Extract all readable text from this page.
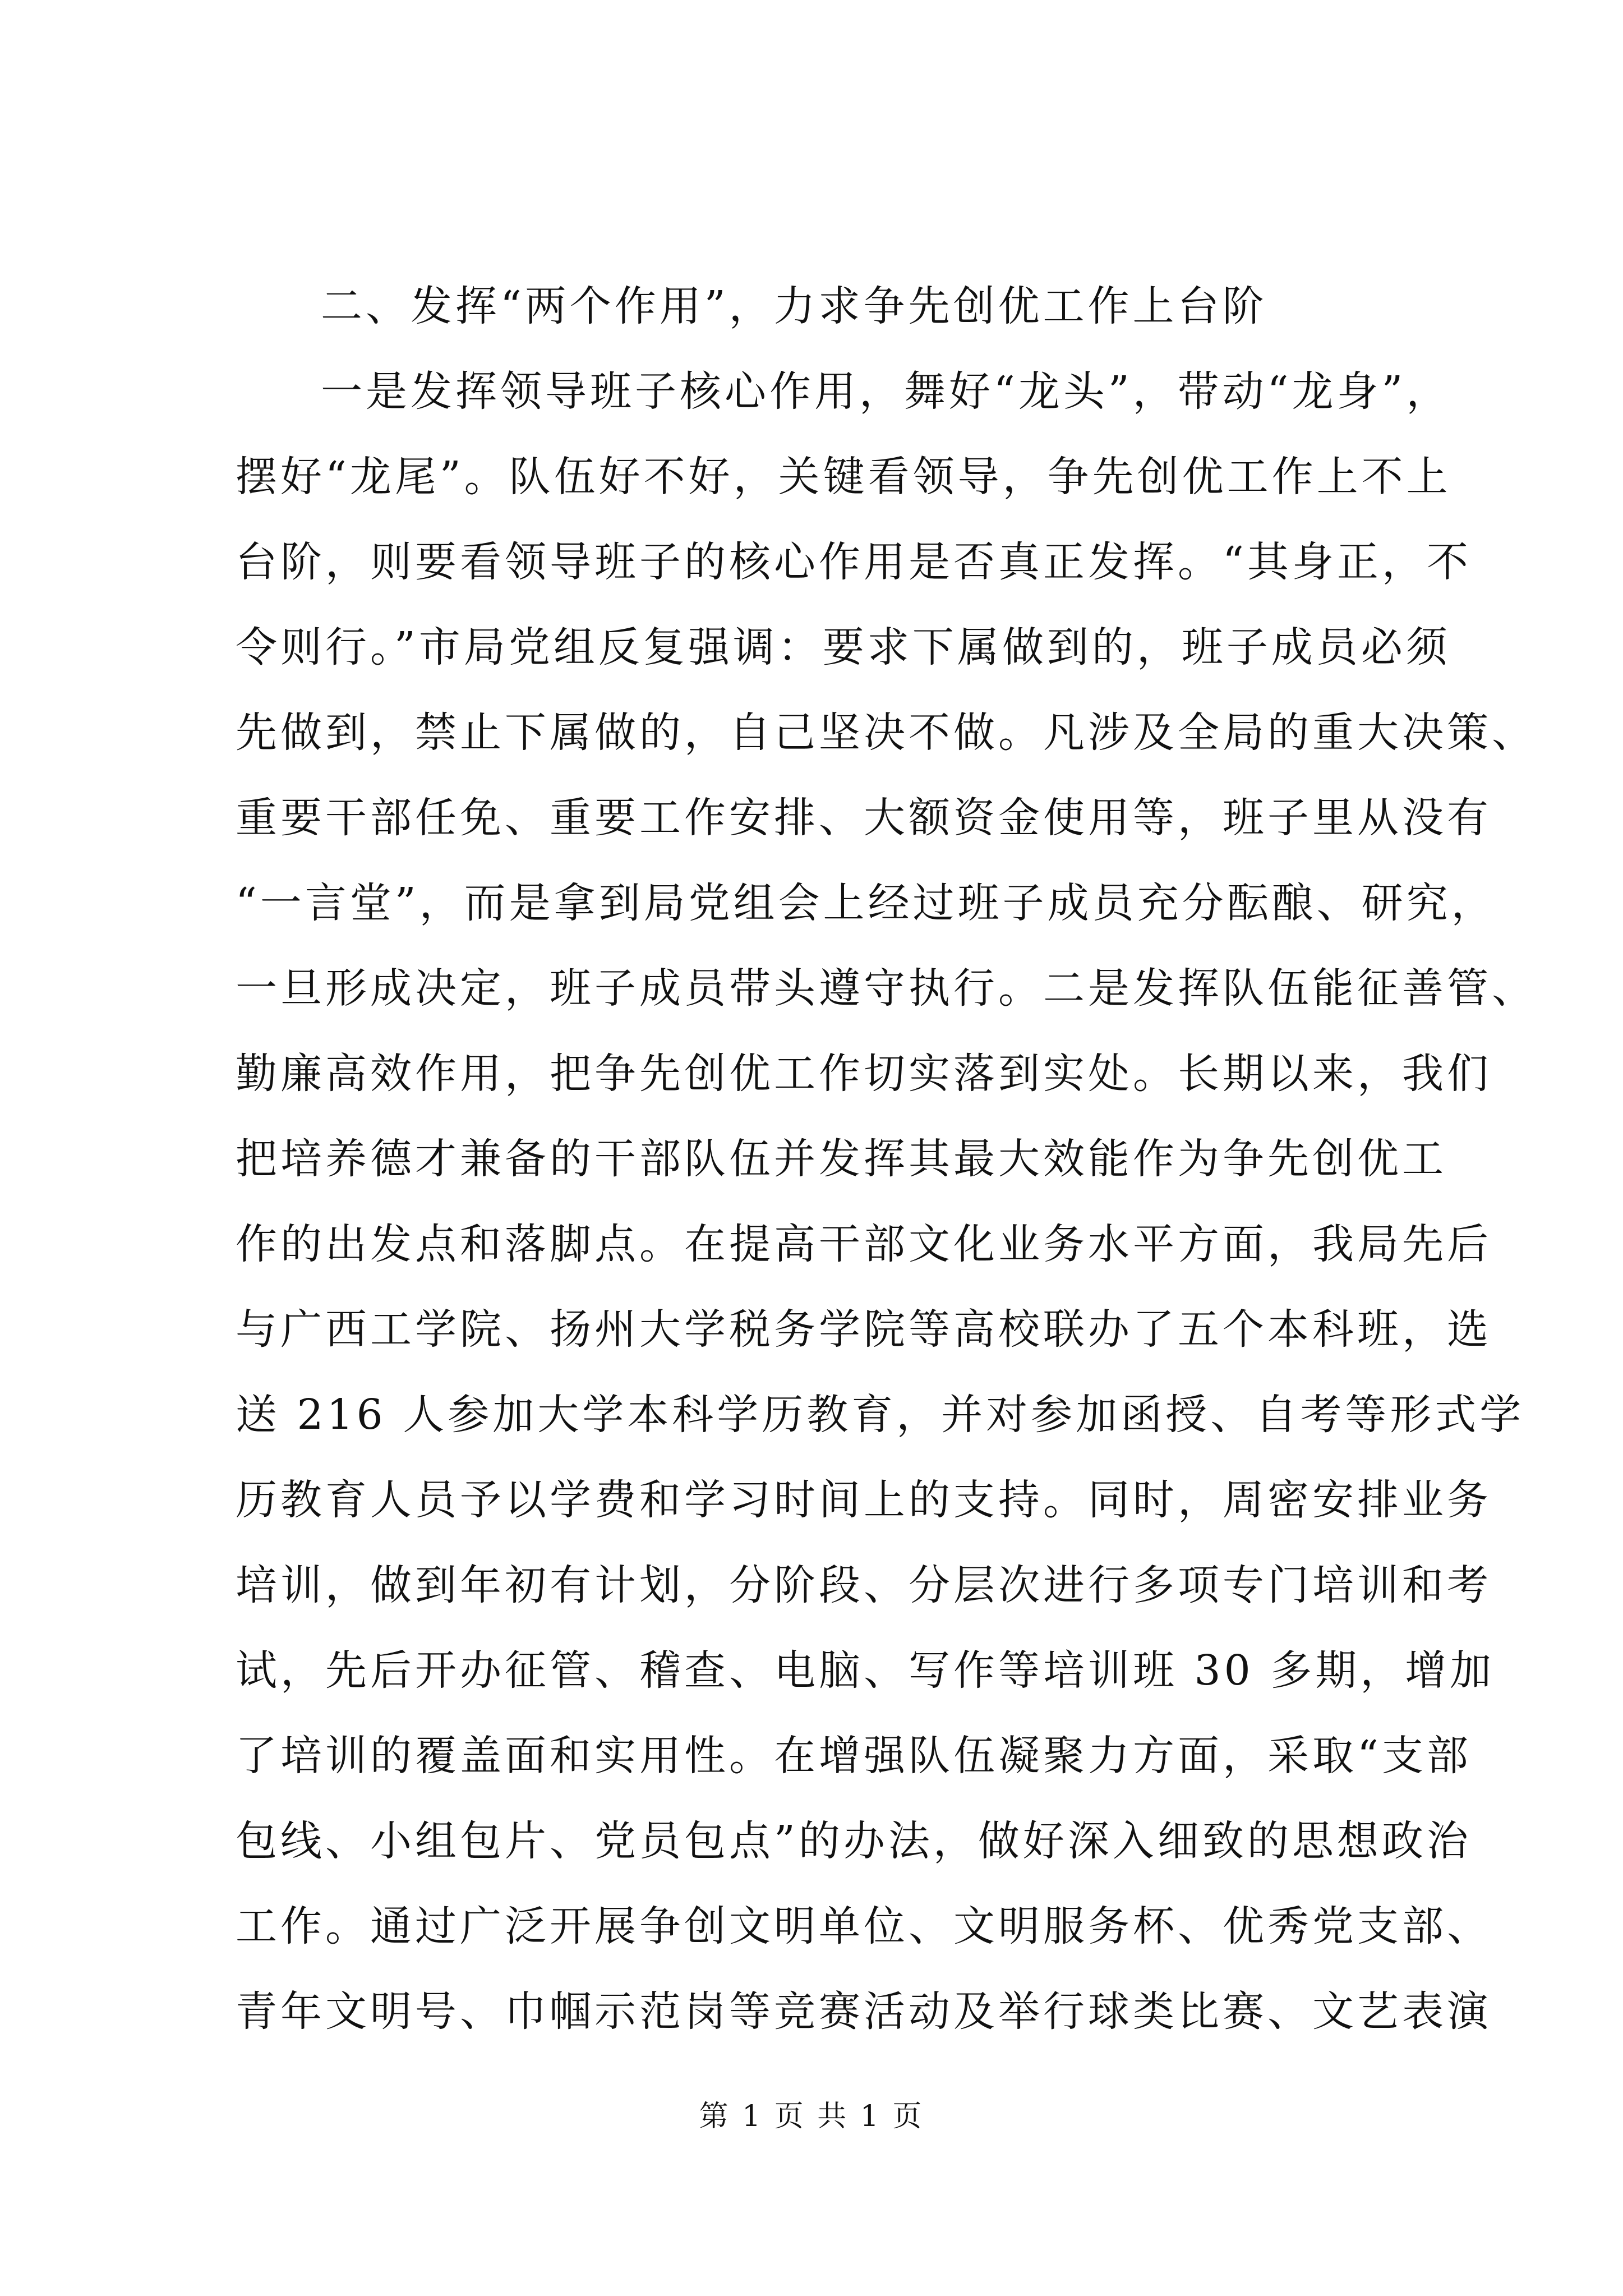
二、发挥“两个作用”，力求争先创优工作上台阶
一是发挥领导班子核心作用，舞好“龙头”，带动“龙身”，
摆好“龙尾”。队伍好不好，关键看领导，争先创优工作上不上
台阶，则要看领导班子的核心作用是否真正发挥。“其身正，不
令则行。”市局党组反复强调：要求下属做到的，班子成员必须
先做到，禁止下属做的，自己坚决不做。凡涉及全局的重大决策、
重要干部任免、重要工作安排、大额资金使用等，班子里从没有
“一言堂”，而是拿到局党组会上经过班子成员充分酝酿、研究，
一旦形成决定，班子成员带头遵守执行。二是发挥队伍能征善管、
勤廉高效作用，把争先创优工作切实落到实处。长期以来，我们
把培养德才兼备的干部队伍并发挥其最大效能作为争先创优工
作的出发点和落脚点。在提高干部文化业务水平方面，我局先后
与广西工学院、扬州大学税务学院等高校联办了五个本科班，选
送 216 人参加大学本科学历教育，并对参加函授、自考等形式学
历教育人员予以学费和学习时间上的支持。同时，周密安排业务
培训，做到年初有计划，分阶段、分层次进行多项专门培训和考
试，先后开办征管、稽查、电脑、写作等培训班 30 多期，增加
了培训的覆盖面和实用性。在增强队伍凝聚力方面，采取“支部
包线、小组包片、党员包点”的办法，做好深入细致的思想政治
工作。通过广泛开展争创文明单位、文明服务杯、优秀党支部、
青年文明号、巾帼示范岗等竞赛活动及举行球类比赛、文艺表演
第 1 页 共 1 页
